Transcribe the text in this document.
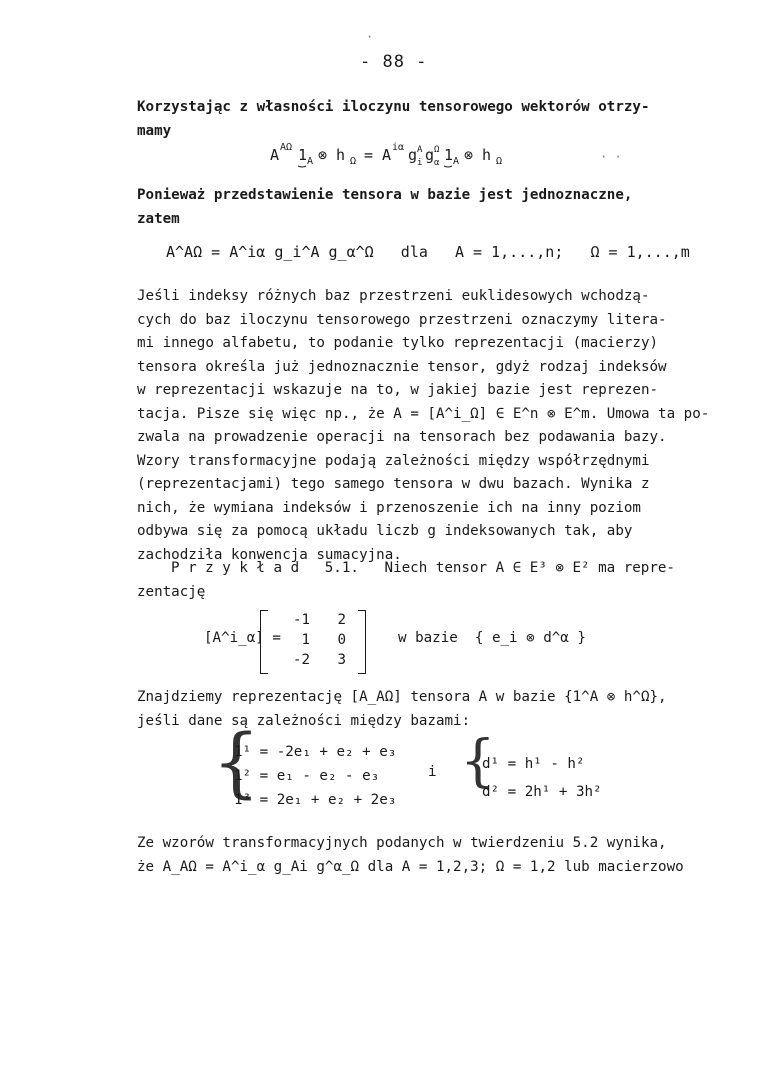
- 88 -
Korzystając z własności iloczynu tensorowego wektorów otrzy-
mamy
A AΩ 1 A ⊗ h Ω = A iα g A
i g Ω
α 1 A ⊗ h Ω
Ponieważ przedstawienie tensora w bazie jest jednoznaczne,
zatem
A^AΩ = A^iα g_i^A g_α^Ω   dla   A = 1,...,n;   Ω = 1,...,m
Jeśli indeksy różnych baz przestrzeni euklidesowych wchodzą-
cych do baz iloczynu tensorowego przestrzeni oznaczymy litera-
mi innego alfabetu, to podanie tylko reprezentacji (macierzy)
tensora określa już jednoznacznie tensor, gdyż rodzaj indeksów
w reprezentacji wskazuje na to, w jakiej bazie jest reprezen-
tacja. Pisze się więc np., że A = [A^i_Ω] ∈ E^n ⊗ E^m. Umowa ta po-
zwala na prowadzenie operacji na tensorach bez podawania bazy.
Wzory transformacyjne podają zależności między współrzędnymi
(reprezentacjami) tego samego tensora w dwu bazach. Wynika z
nich, że wymiana indeksów i przenoszenie ich na inny poziom
odbywa się za pomocą układu liczb g indeksowanych tak, aby
zachodziła konwencja sumacyjna.
P r z y k ł a d 5.1. Niech tensor A ∈ E³ ⊗ E² ma repre-
zentację
[A^i_α] =
-1 2
1 0
-2 3
w bazie  { e_i ⊗ d^α }
Znajdziemy reprezentację [A_AΩ] tensora A w bazie {1^A ⊗ h^Ω},
jeśli dane są zależności między bazami:
{
1¹ = -2e₁ + e₂ + e₃
1² = e₁ - e₂ - e₃
1³ = 2e₁ + e₂ + 2e₃
i {
d¹ = h¹ - h²
d² = 2h¹ + 3h²
Ze wzorów transformacyjnych podanych w twierdzeniu 5.2 wynika,
że A_AΩ = A^i_α g_Ai g^α_Ω dla A = 1,2,3; Ω = 1,2 lub macierzowo
·
· ·
